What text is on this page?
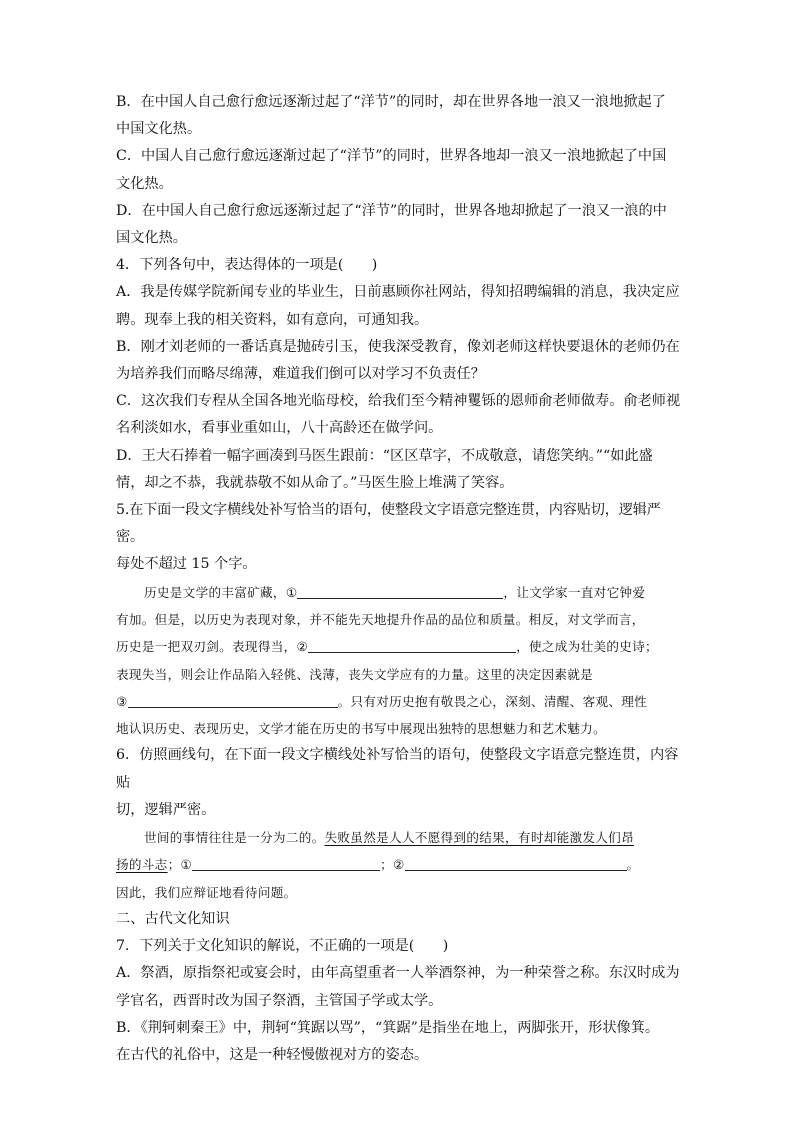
B．在中国人自己愈行愈远逐渐过起了“洋节”的同时，却在世界各地一浪又一浪地掀起了

中国文化热。

C．中国人自己愈行愈远逐渐过起了“洋节”的同时，世界各地却一浪又一浪地掀起了中国

文化热。

D．在中国人自己愈行愈远逐渐过起了“洋节”的同时，世界各地却掀起了一浪又一浪的中

国文化热。

4．下列各句中，表达得体的一项是(　　)

A．我是传媒学院新闻专业的毕业生，日前惠顾你社网站，得知招聘编辑的消息，我决定应

聘。现奉上我的相关资料，如有意向，可通知我。

B．刚才刘老师的一番话真是抛砖引玉，使我深受教育，像刘老师这样快要退休的老师仍在

为培养我们而略尽绵薄，难道我们倒可以对学习不负责任？

C．这次我们专程从全国各地光临母校，给我们至今精神矍铄的恩师俞老师做寿。俞老师视

名利淡如水，看事业重如山，八十高龄还在做学问。

D．王大石捧着一幅字画凑到马医生跟前：“区区草字，不成敬意，请您笑纳。”“如此盛

情，却之不恭，我就恭敬不如从命了。”马医生脸上堆满了笑容。

5.在下面一段文字横线处补写恰当的语句，使整段文字语意完整连贯，内容贴切，逻辑严密。

每处不超过 15 个字。

历史是文学的丰富矿藏，①	，让文学家一直对它钟爱

有加。但是，以历史为表现对象，并不能先天地提升作品的品位和质量。相反，对文学而言，

历史是一把双刃剑。表现得当，②	，使之成为壮美的史诗；

表现失当，则会让作品陷入轻佻、浅薄，丧失文学应有的力量。这里的决定因素就是

③	。只有对历史抱有敬畏之心，深刻、清醒、客观、理性

地认识历史、表现历史，文学才能在历史的书写中展现出独特的思想魅力和艺术魅力。

6．仿照画线句，在下面一段文字横线处补写恰当的语句，使整段文字语意完整连贯，内容贴

切，逻辑严密。

世间的事情往往是一分为二的。失败虽然是人人不愿得到的结果，有时却能激发人们昂

扬的斗志；①	；②	。

因此，我们应辩证地看待问题。

二、古代文化知识

7．下列关于文化知识的解说，不正确的一项是(　　)

A．祭酒，原指祭祀或宴会时，由年高望重者一人举酒祭神，为一种荣誉之称。东汉时成为

学官名，西晋时改为国子祭酒，主管国子学或太学。

B．《荆轲刺秦王》中，荆轲“箕踞以骂”，“箕踞”是指坐在地上，两脚张开，形状像箕。

在古代的礼俗中，这是一种轻慢傲视对方的姿态。
